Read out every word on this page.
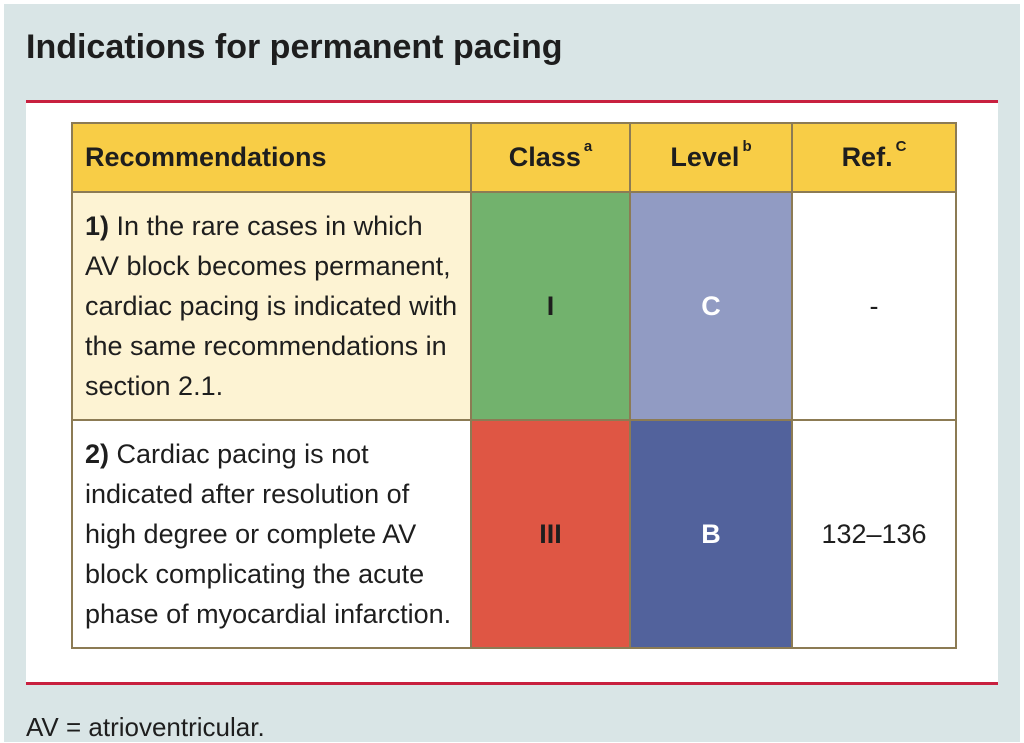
Indications for permanent pacing
Recommendations	Class $^a$	Level $^b$	Ref. $^C$
1) In the rare cases in which
AV block becomes permanent,
cardiac pacing is indicated with
the same recommendations in
section 2.1.	I	C	-
2) Cardiac pacing is not
indicated after resolution of
high degree or complete AV
block complicating the acute
phase of myocardial infarction.	III	B	132–136
AV = atrioventricular.
